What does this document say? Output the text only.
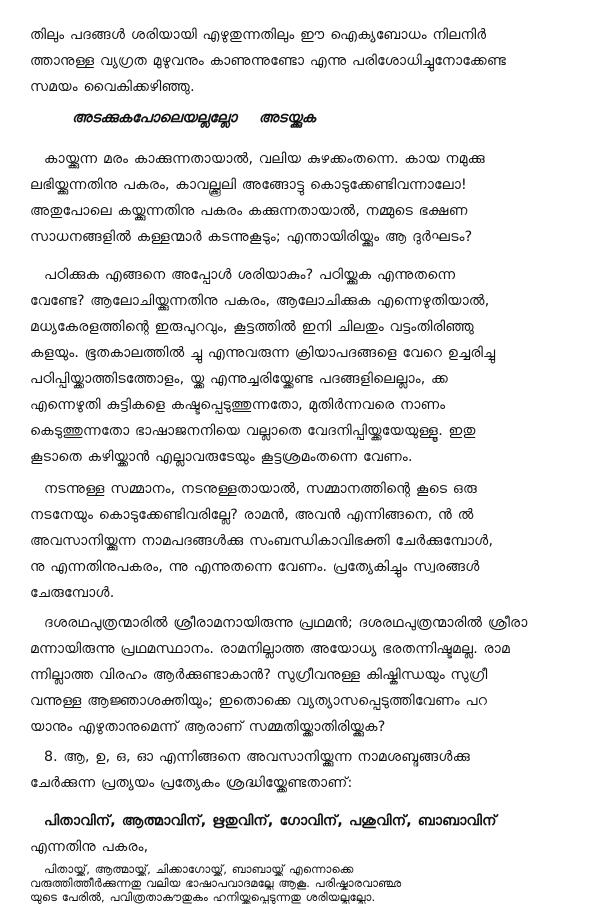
തിലും പദങ്ങൾ ശരിയായി എഴുതുന്നതിലും ഈ ഐക്യബോധം നിലനിർ
ത്താനുള്ള വ്യഗ്രത മുഴുവനും കാണുന്നുണ്ടോ എന്നു പരിശോധിച്ചുനോക്കേണ്ട
സമയം വൈകിക്കഴിഞ്ഞു.
അടക്കുകപോലെയല്ലല്ലോ അടയ്ക്കുക
കായ്ക്കുന്ന മരം കാക്കുന്നതായാൽ, വലിയ കുഴക്കംതന്നെ. കായ നമുക്കു
ലഭിയ്ക്കുന്നതിനു പകരം, കാവല്ക്കൂലി അങ്ങോട്ടു കൊടുക്കേണ്ടിവന്നാലോ!
അതുപോലെ കയ്ക്കുന്നതിനു പകരം കക്കുന്നതായാൽ, നമ്മുടെ ഭക്ഷണ
സാധനങ്ങളിൽ കള്ളന്മാർ കടന്നുകൂടും; എന്തായിരിയ്ക്കും ആ ദുർഘടം?
പഠിക്കുക എങ്ങനെ അപ്പോൾ ശരിയാകും? പഠിയ്ക്കുക എന്നുതന്നെ
വേണ്ടേ? ആലോചിയ്ക്കുന്നതിനു പകരം, ആലോചിക്കുക എന്നെഴുതിയാൽ,
മധ്യകേരളത്തിന്റെ ഇരുപുറവും, കൂട്ടത്തിൽ ഇനി ചിലതും വട്ടംതിരിഞ്ഞു
കളയും. ഭൂതകാലത്തിൽ ച്ചു എന്നുവരുന്ന ക്രിയാപദങ്ങളെ വേറെ ഉച്ചരിച്ചു
പഠിപ്പിയ്ക്കാത്തിടത്തോളം, യ്ക്ക എന്നുച്ചരിയ്ക്കേണ്ട പദങ്ങളിലെല്ലാം, ക്ക
എന്നെഴുതി കുട്ടികളെ കഷ്ടപ്പെടുത്തുന്നതോ, മുതിർന്നവരെ നാണം
കെടുത്തുന്നതോ ഭാഷാജനനിയെ വല്ലാതെ വേദനിപ്പിയ്ക്കയേയുള്ളൂ. ഇതു
കൂടാതെ കഴിയ്ക്കാൻ എല്ലാവരുടേയും കൂട്ടശ്രമംതന്നെ വേണം.
നടന്നുള്ള സമ്മാനം, നടനുള്ളതായാൽ, സമ്മാനത്തിന്റെ കൂടെ ഒരു
നടനേയും കൊടുക്കേണ്ടിവരില്ലേ? രാമൻ, അവൻ എന്നിങ്ങനെ, ൻ ൽ
അവസാനിയ്ക്കുന്ന നാമപദങ്ങൾക്കു സംബന്ധികാവിഭക്തി ചേർക്കുമ്പോൾ,
നു എന്നതിനുപകരം, ന്നു എന്നുതന്നെ വേണം. പ്രത്യേകിച്ചും സ്വരങ്ങൾ
ചേരുമ്പോൾ.
ദശരഥപുത്രന്മാരിൽ ശ്രീരാമനായിരുന്നു പ്രഥമൻ; ദശരഥപുത്രന്മാരിൽ ശ്രീരാ
മന്നായിരുന്നു പ്രഥമസ്ഥാനം. രാമനില്ലാത്ത അയോധ്യ ഭരതന്നിഷ്ടമല്ല. രാമ
ന്നില്ലാത്ത വിരഹം ആർക്കുണ്ടാകാൻ? സുഗ്രീവനുള്ള കിഷ്കിന്ധയും സുഗ്രീ
വന്നുള്ള ആജ്ഞാശക്തിയും; ഇതൊക്കെ വ്യത്യാസപ്പെടുത്തിവേണം പറ
യാനും എഴുതാനുമെന്ന് ആരാണ് സമ്മതിയ്ക്കാതിരിയ്ക്കുക?
8. ആ, ഉ, ഒ, ഓ എന്നിങ്ങനെ അവസാനിയ്ക്കുന്ന നാമശബ്ദങ്ങൾക്കു
ചേർക്കുന്ന പ്രത്യയം പ്രത്യേകം ശ്രദ്ധിയ്ക്കേണ്ടതാണ്:
പിതാവിന്, ആത്മാവിന്, ഋതുവിന്, ഗോവിന്, പശുവിന്, ബാബാവിന്
എന്നതിനു പകരം,
പിതായ്ക്ക്, ആത്മായ്ക്ക്, ചിക്കാഗോയ്ക്ക്, ബാബായ്ക്ക് എന്നൊക്കെ
വരുത്തിത്തീർക്കുന്നതു വലിയ ഭാഷാപവാദമല്ലേ ആകൂ. പരിഷ്കാരവാഞ്ഛ
യുടെ പേരിൽ, പവിത്രതാകൗതുകം ഹനിയ്ക്കപ്പെടുന്നതു ശരിയല്ലല്ലോ.
